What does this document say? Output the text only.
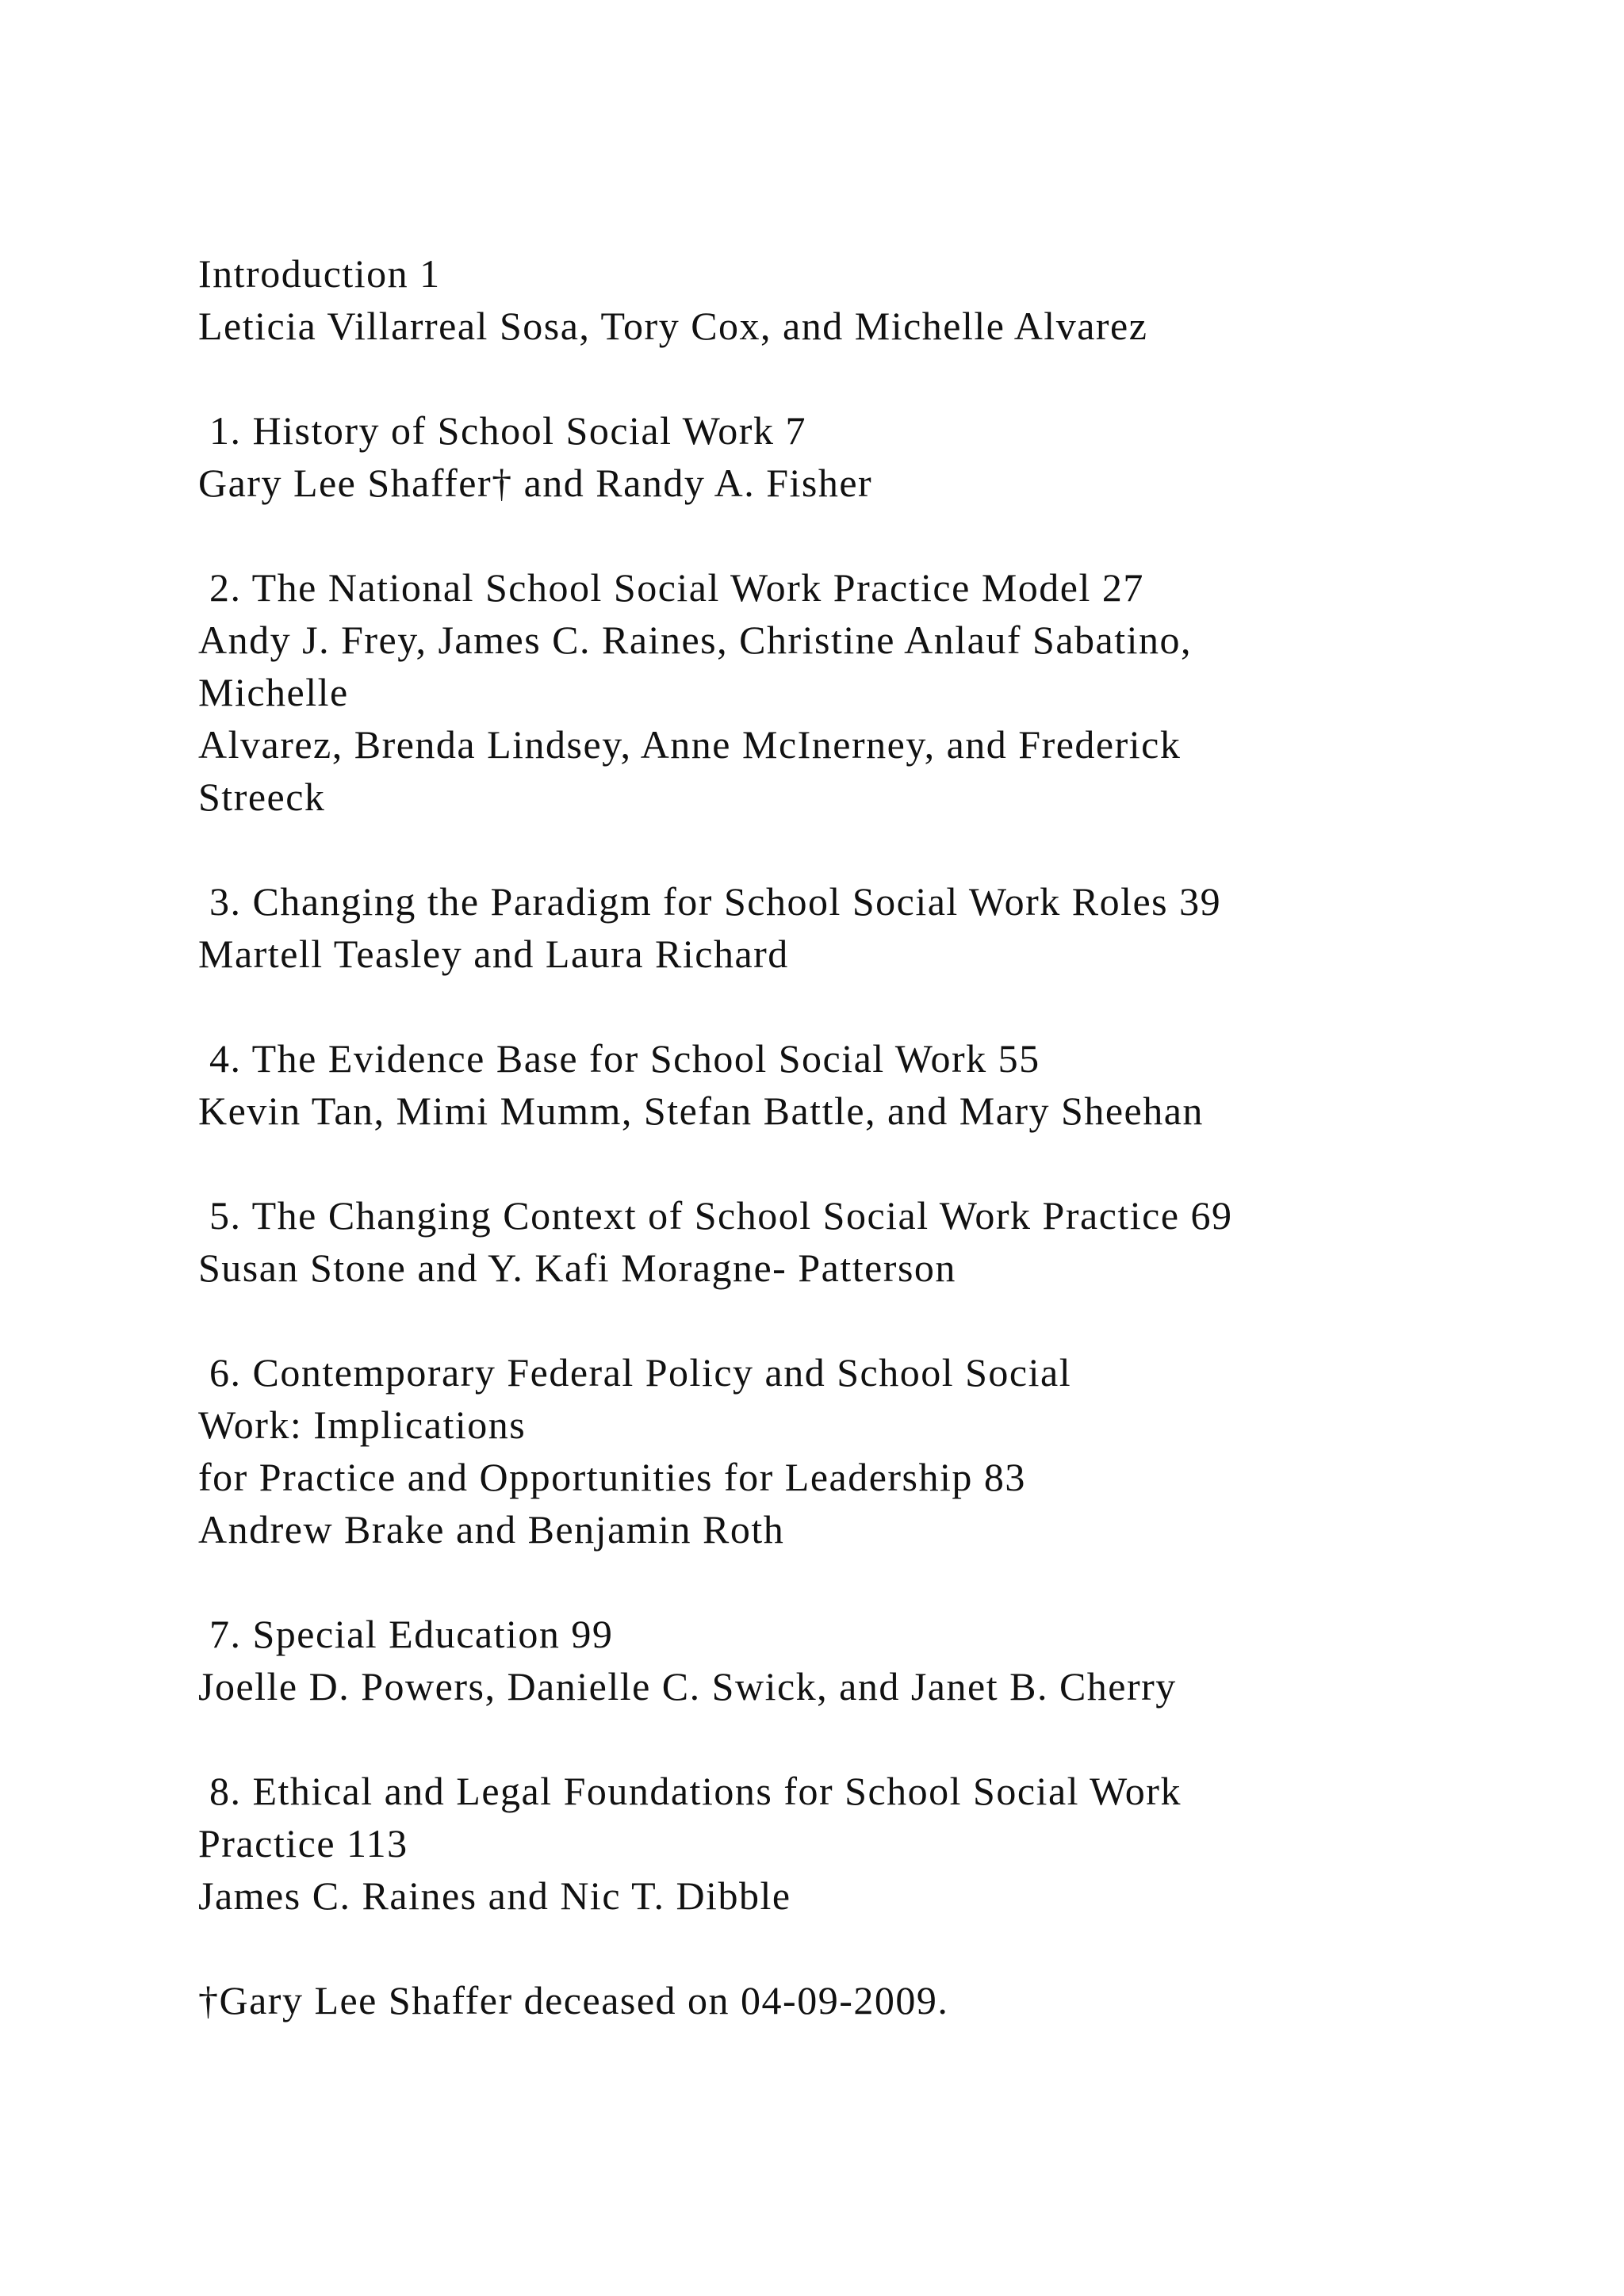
Introduction 1
Leticia Villarreal Sosa, Tory Cox, and Michelle Alvarez
1. History of School Social Work 7
Gary Lee Shaffer† and Randy A. Fisher
2. The National School Social Work Practice Model 27
Andy J. Frey, James C. Raines, Christine Anlauf Sabatino,
Michelle
Alvarez, Brenda Lindsey, Anne McInerney, and Frederick
Streeck
3. Changing the Paradigm for School Social Work Roles 39
Martell Teasley and Laura Richard
4. The Evidence Base for School Social Work 55
Kevin Tan, Mimi Mumm, Stefan Battle, and Mary Sheehan
5. The Changing Context of School Social Work Practice 69
Susan Stone and Y. Kafi Moragne- Patterson
6. Contemporary Federal Policy and School Social
Work: Implications
for Practice and Opportunities for Leadership 83
Andrew Brake and Benjamin Roth
7. Special Education 99
Joelle D. Powers, Danielle C. Swick, and Janet B. Cherry
8. Ethical and Legal Foundations for School Social Work
Practice 113
James C. Raines and Nic T. Dibble
†Gary Lee Shaffer deceased on 04-09-2009.
